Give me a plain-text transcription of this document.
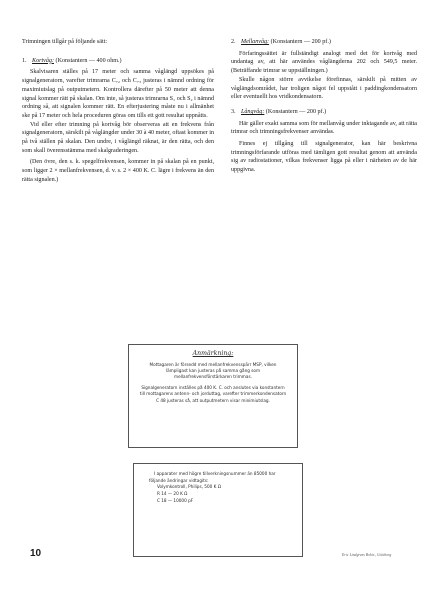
Trimningen tillgår på följande sätt:

1. Kortvåg: (Konstantern — 400 ohm.)

Skalvisaren ställes på 17 meter och samma våglängd uppsökes på signalgeneratorn, varefter trimrarna C₇₂ och C₇₃ justeras i nämnd ordning för maximiutslag på outputmetern. Kontrollera därefter på 50 meter att denna signal kommer rätt på skalan. Om inte, så justeras trimrarna S₁ och S₂ i nämnd ordning så, att signalen kommer rätt. En efterjustering måste nu i allmänhet ske på 17 meter och hela proceduren göras om tills ett gott resultat uppnåtts.

Vid eller efter trimning på kortvåg bör observeras att en frekvens från signalgeneratorn, särskilt på våglängder under 30 à 40 meter, oftast kommer in på två ställen på skalan. Den undre, i våglängd räknat, är den rätta, och den som skall överensstämma med skalgraderingen.

(Den övre, den s. k. spegelfrekvensen, kommer in på skalan på en punkt, som ligger 2 × mellanfrekvensen, d. v. s. 2 × 400 K. C. lägre i frekvens än den rätta signalen.)

2. Mellanvåg: (Konstantern — 200 pf.)

Förfaringssättet är fullständigt analogt med det för kortvåg med undantag av, att här användes våglängderna 202 och 549,5 meter. (Beträffande trimrar se uppställningen.)

Skulle någon större avvikelse förefinnas, särskilt på mitten av våglängdsområdet, har troligen något fel uppstått i paddingkondensatorn eller eventuellt hos vridkondensatorn.

3. Långvåg: (Konstantern — 200 pf.)

Här gäller exakt samma som för mellanvåg under inktagande av, att rätta trimrar och trimningsfrekvenser användas.

Finnes ej tillgång till signalgenerator, kan här beskrivna trimningsförfarande utföras med tämligen gott resultat genom att använda sig av radiostationer, vilkas frekvenser ligga på eller i närheten av de här uppgivna.

Anmärkning:

Mottagaren är försedd med mellanfrekvensspärr MSP, vilken lämpligast kan justeras på samma gång som mellanfrekvensförstärkaren trimmas.

Signalgeneratorn inställes på 400 K. C. och anslutes via konstantern till mottagarens antenn- och jorduttag, varefter trimmerkondensatorn C 48 justeras så, att outputmetern visar minimiutslag.

I apparater med högre tillverkningsnummer än 85000 har följande ändringar vidtagits:

Volymkontroll, Philips, 500 K Ω

R 14 — 20 K Ω

C 18 — 10000 pF

10	Eric Lindgrens Bokir., Göteborg
